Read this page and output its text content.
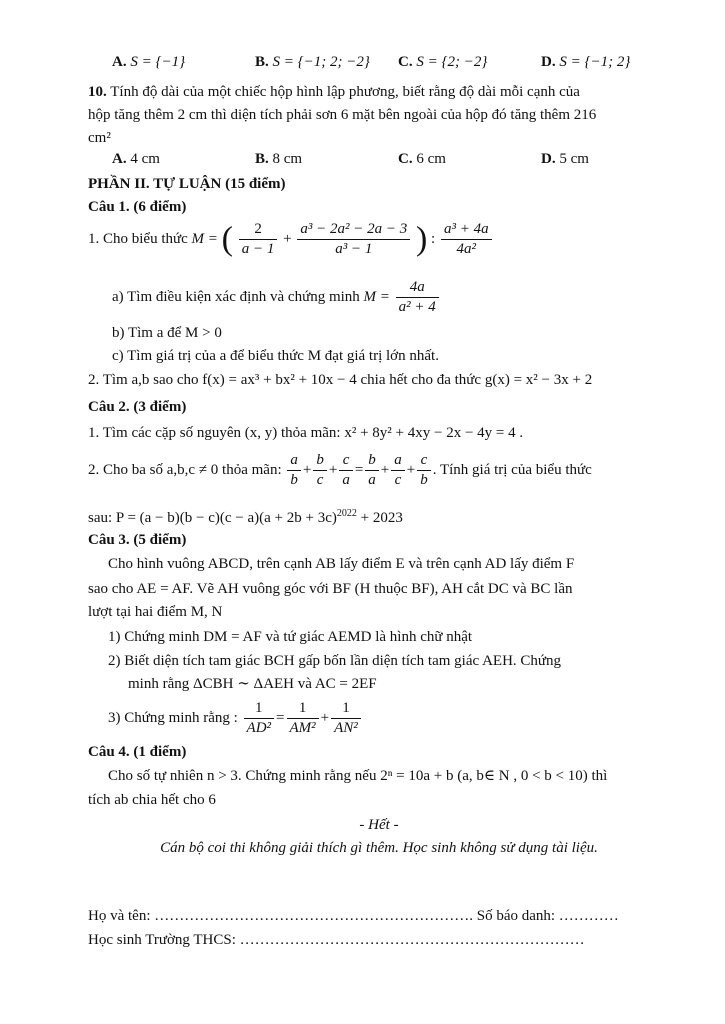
A. S = {−1}	B. S = {−1; 2; −2} C. S = {2; −2}	D. S = {−1; 2}
10. Tính độ dài của một chiếc hộp hình lập phương, biết rằng độ dài mỗi cạnh của
hộp tăng thêm 2 cm thì diện tích phải sơn 6 mặt bên ngoài của hộp đó tăng thêm 216
cm²
A. 4 cm	B. 8 cm	C. 6 cm	D. 5 cm
PHẦN II. TỰ LUẬN (15 điểm)
Câu 1. (6 điểm)
1. Cho biểu thức M = ( $\frac{2}{a - 1} + \frac{\text{a³ − 2a² − 2a − 3}}{\text{a³ − 1}}$ ) : $\frac{\text{a³ + 4a}}{\text{4a²}}$
a) Tìm điều kiện xác định và chứng minh $M = \frac{4a}{\text{a² + 4}}$
b) Tìm a để M > 0
c) Tìm giá trị của a để biểu thức M đạt giá trị lớn nhất.
2. Tìm a,b sao cho f(x) = ax³ + bx² + 10x − 4 chia hết cho đa thức g(x) = x² − 3x + 2
Câu 2. (3 điểm)
1. Tìm các cặp số nguyên (x, y) thỏa mãn: x² + 8y² + 4xy − 2x − 4y = 4 .
2. Cho ba số a,b,c ≠ 0 thỏa mãn: $\frac{a}{b} + \frac{b}{c} + \frac{c}{a} = \frac{b}{a} + \frac{a}{c} + \frac{c}{b}$ . Tính giá trị của biểu thức
sau: $P = (a - b)(b - c)(c - a)(a + 2b + 3c)^{2022} + 2023$
Câu 3. (5 điểm)
Cho hình vuông ABCD, trên cạnh AB lấy điểm E và trên cạnh AD lấy điểm F
sao cho AE = AF. Vẽ AH vuông góc với BF (H thuộc BF), AH cắt DC và BC lần
lượt tại hai điểm M, N
1) Chứng minh DM = AF và tứ giác AEMD là hình chữ nhật
2) Biết diện tích tam giác BCH gấp bốn lần diện tích tam giác AEH. Chứng
minh rằng ΔCBH ∼ ΔAEH và AC = 2EF
3) Chứng minh rằng : $\frac{1}{\text{AD²}} = \frac{1}{\text{AM²}} + \frac{1}{\text{AN²}}$
Câu 4. (1 điểm)
Cho số tự nhiên n > 3. Chứng minh rằng nếu 2ⁿ = 10a + b (a, b∈ N , 0 < b < 10) thì
tích ab chia hết cho 6
- Hết -
Cán bộ coi thi không giải thích gì thêm. Học sinh không sử dụng tài liệu.
Họ và tên: ………………………………………………………. Số báo danh: …………
Học sinh Trường THCS: ……………………………………………………………
